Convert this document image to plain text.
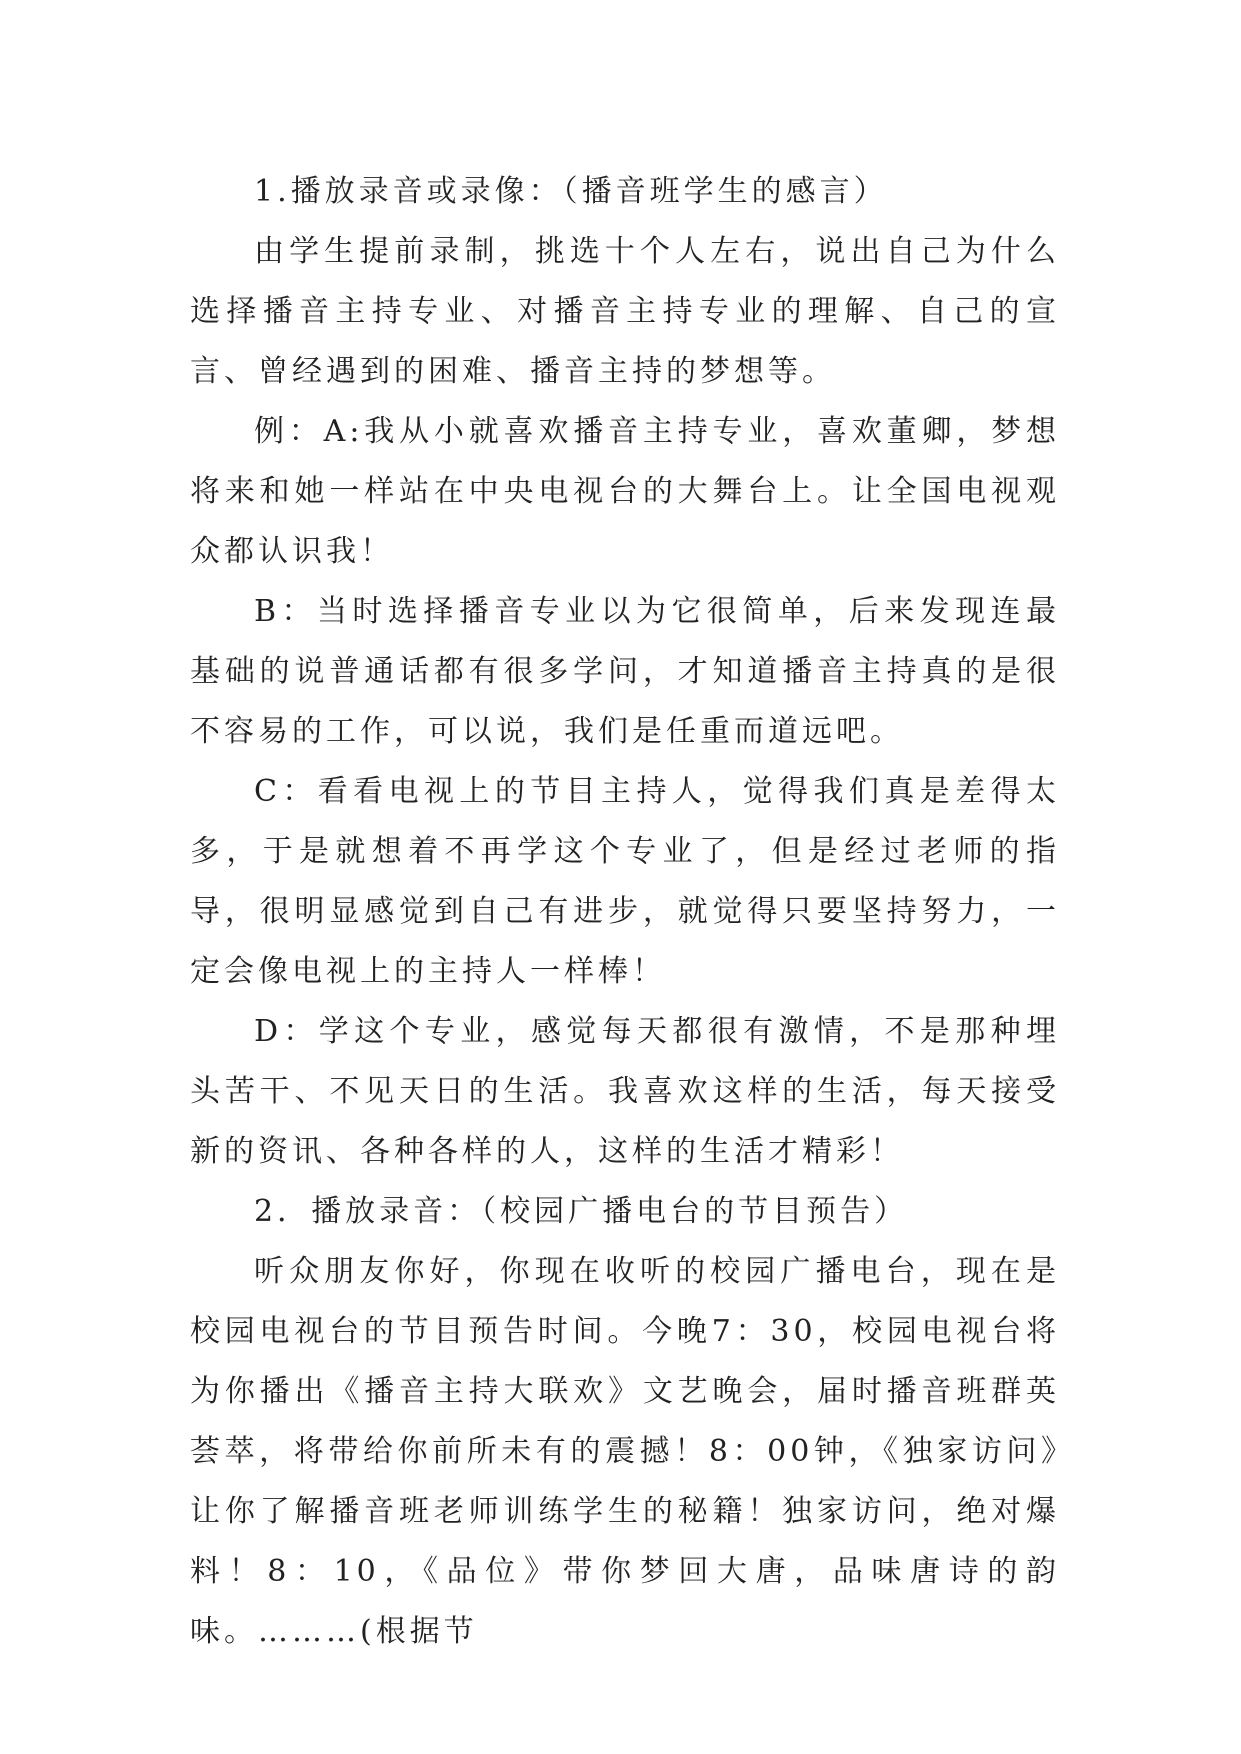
1.播放录音或录像：（播音班学生的感言）

由学生提前录制，挑选十个人左右，说出自己为什么选择播音主持专业、对播音主持专业的理解、自己的宣言、曾经遇到的困难、播音主持的梦想等。

例：A:我从小就喜欢播音主持专业，喜欢董卿，梦想将来和她一样站在中央电视台的大舞台上。让全国电视观众都认识我！

B：当时选择播音专业以为它很简单，后来发现连最基础的说普通话都有很多学问，才知道播音主持真的是很不容易的工作，可以说，我们是任重而道远吧。

C：看看电视上的节目主持人，觉得我们真是差得太多，于是就想着不再学这个专业了，但是经过老师的指导，很明显感觉到自己有进步，就觉得只要坚持努力，一定会像电视上的主持人一样棒！

D：学这个专业，感觉每天都很有激情，不是那种埋头苦干、不见天日的生活。我喜欢这样的生活，每天接受新的资讯、各种各样的人，这样的生活才精彩！

2．播放录音：（校园广播电台的节目预告）

听众朋友你好，你现在收听的校园广播电台，现在是校园电视台的节目预告时间。今晚7：30，校园电视台将为你播出《播音主持大联欢》文艺晚会，届时播音班群英荟萃，将带给你前所未有的震撼！8：00钟，《独家访问》让你了解播音班老师训练学生的秘籍！独家访问，绝对爆料！8：10，《品位》带你梦回大唐，品味唐诗的韵味。………(根据节
